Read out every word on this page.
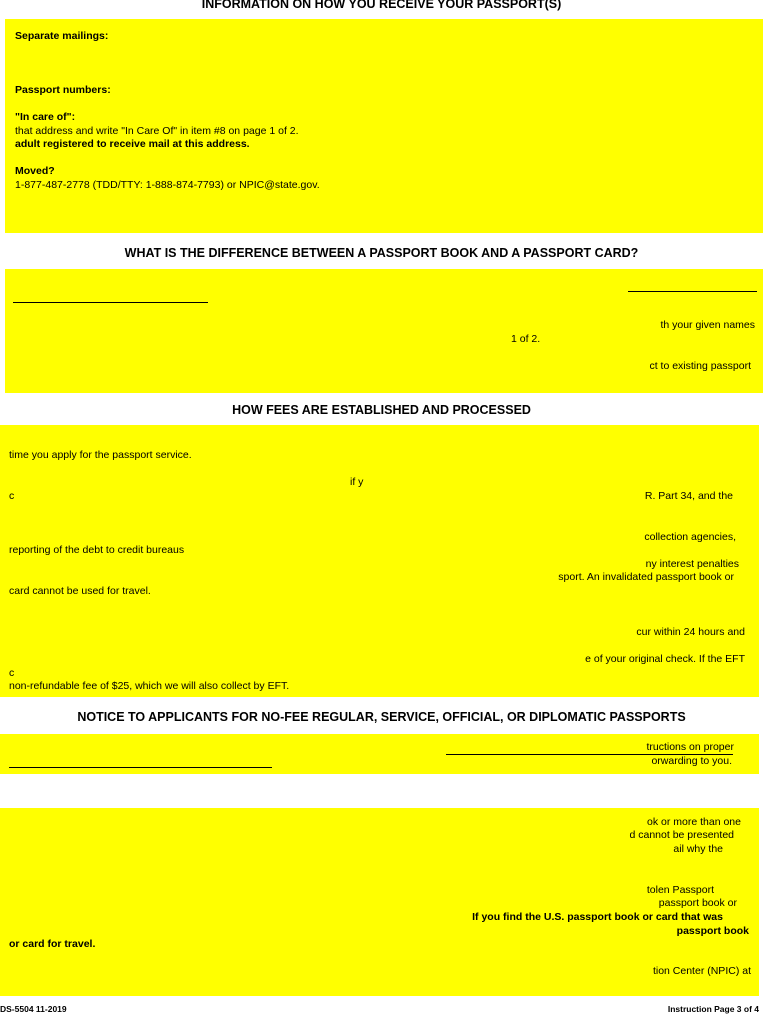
INFORMATION ON HOW YOU RECEIVE YOUR PASSPORT(S)
Separate mailings:
Passport numbers:
"In care of":
that address and write "In Care Of" in item #8 on page 1 of 2.
adult registered to receive mail at this address.
Moved?
1-877-487-2778 (TDD/TTY: 1-888-874-7793) or NPIC@state.gov.
WHAT IS THE DIFFERENCE BETWEEN A PASSPORT BOOK AND A PASSPORT CARD?
th your given names
1 of 2.
ct to existing passport
HOW FEES ARE ESTABLISHED AND PROCESSED
time you apply for the passport service.
if y
c	R. Part 34, and the
collection agencies,
reporting of the debt to credit bureaus
ny interest penalties
sport. An invalidated passport book or
card cannot be used for travel.
cur within 24 hours and
e of your original check. If the EFT
c
non-refundable fee of $25, which we will also collect by EFT.
NOTICE TO APPLICANTS FOR NO-FEE REGULAR, SERVICE, OFFICIAL, OR DIPLOMATIC PASSPORTS
tructions on proper
orwarding to you.
ok or more than one
d cannot be presented
ail why the
tolen Passport
passport book or
If you find the U.S. passport book or card that was
passport book
or card for travel.
tion Center (NPIC) at
DS-5504 11-2019	Instruction Page 3 of 4
